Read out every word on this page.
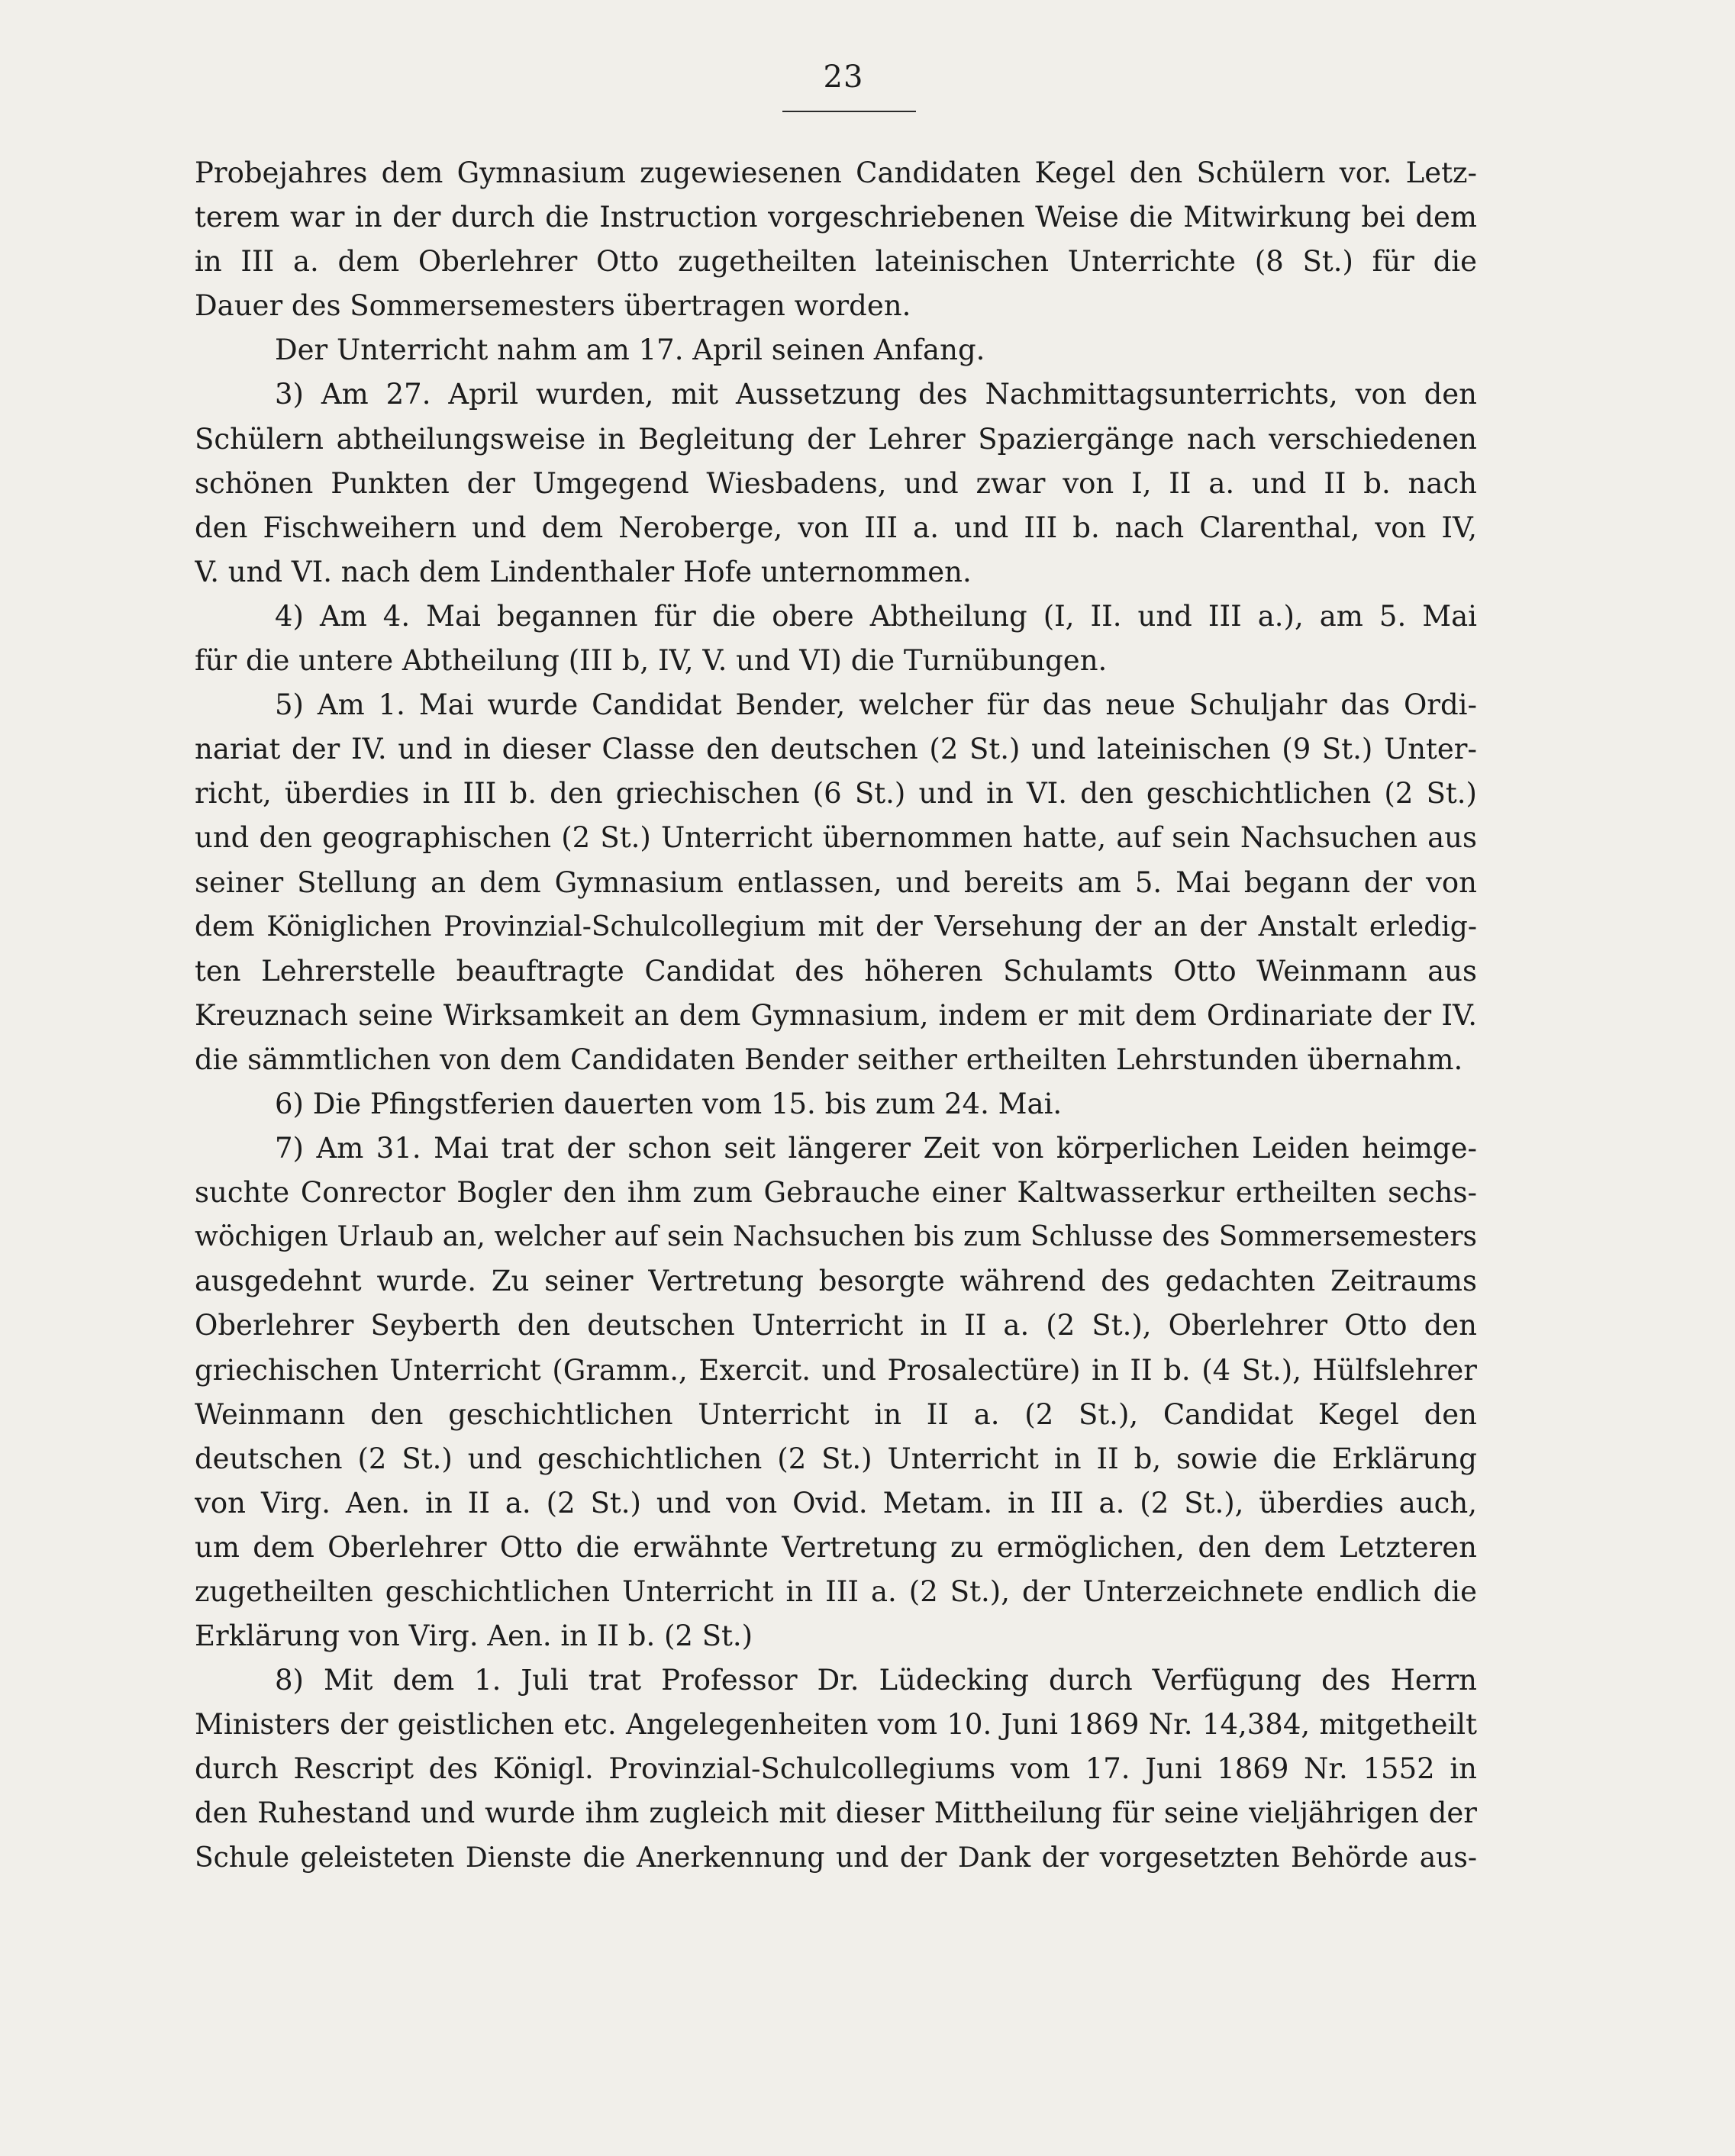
23
Probejahres dem Gymnasium zugewiesenen Candidaten Kegel den Schülern vor. Letz-
terem war in der durch die Instruction vorgeschriebenen Weise die Mitwirkung bei dem
in III a. dem Oberlehrer Otto zugetheilten lateinischen Unterrichte (8 St.) für die
Dauer des Sommersemesters übertragen worden.
Der Unterricht nahm am 17. April seinen Anfang.
3) Am 27. April wurden, mit Aussetzung des Nachmittagsunterrichts, von den
Schülern abtheilungsweise in Begleitung der Lehrer Spaziergänge nach verschiedenen
schönen Punkten der Umgegend Wiesbadens, und zwar von I, II a. und II b. nach
den Fischweihern und dem Neroberge, von III a. und III b. nach Clarenthal, von IV,
V. und VI. nach dem Lindenthaler Hofe unternommen.
4) Am 4. Mai begannen für die obere Abtheilung (I, II. und III a.), am 5. Mai
für die untere Abtheilung (III b, IV, V. und VI) die Turnübungen.
5) Am 1. Mai wurde Candidat Bender, welcher für das neue Schuljahr das Ordi-
nariat der IV. und in dieser Classe den deutschen (2 St.) und lateinischen (9 St.) Unter-
richt, überdies in III b. den griechischen (6 St.) und in VI. den geschichtlichen (2 St.)
und den geographischen (2 St.) Unterricht übernommen hatte, auf sein Nachsuchen aus
seiner Stellung an dem Gymnasium entlassen, und bereits am 5. Mai begann der von
dem Königlichen Provinzial-Schulcollegium mit der Versehung der an der Anstalt erledig-
ten Lehrerstelle beauftragte Candidat des höheren Schulamts Otto Weinmann aus
Kreuznach seine Wirksamkeit an dem Gymnasium, indem er mit dem Ordinariate der IV.
die sämmtlichen von dem Candidaten Bender seither ertheilten Lehrstunden übernahm.
6) Die Pfingstferien dauerten vom 15. bis zum 24. Mai.
7) Am 31. Mai trat der schon seit längerer Zeit von körperlichen Leiden heimge-
suchte Conrector Bogler den ihm zum Gebrauche einer Kaltwasserkur ertheilten sechs-
wöchigen Urlaub an, welcher auf sein Nachsuchen bis zum Schlusse des Sommersemesters
ausgedehnt wurde. Zu seiner Vertretung besorgte während des gedachten Zeitraums
Oberlehrer Seyberth den deutschen Unterricht in II a. (2 St.), Oberlehrer Otto den
griechischen Unterricht (Gramm., Exercit. und Prosalectüre) in II b. (4 St.), Hülfslehrer
Weinmann den geschichtlichen Unterricht in II a. (2 St.), Candidat Kegel den
deutschen (2 St.) und geschichtlichen (2 St.) Unterricht in II b, sowie die Erklärung
von Virg. Aen. in II a. (2 St.) und von Ovid. Metam. in III a. (2 St.), überdies auch,
um dem Oberlehrer Otto die erwähnte Vertretung zu ermöglichen, den dem Letzteren
zugetheilten geschichtlichen Unterricht in III a. (2 St.), der Unterzeichnete endlich die
Erklärung von Virg. Aen. in II b. (2 St.)
8) Mit dem 1. Juli trat Professor Dr. Lüdecking durch Verfügung des Herrn
Ministers der geistlichen etc. Angelegenheiten vom 10. Juni 1869 Nr. 14,384, mitgetheilt
durch Rescript des Königl. Provinzial-Schulcollegiums vom 17. Juni 1869 Nr. 1552 in
den Ruhestand und wurde ihm zugleich mit dieser Mittheilung für seine vieljährigen der
Schule geleisteten Dienste die Anerkennung und der Dank der vorgesetzten Behörde aus-
